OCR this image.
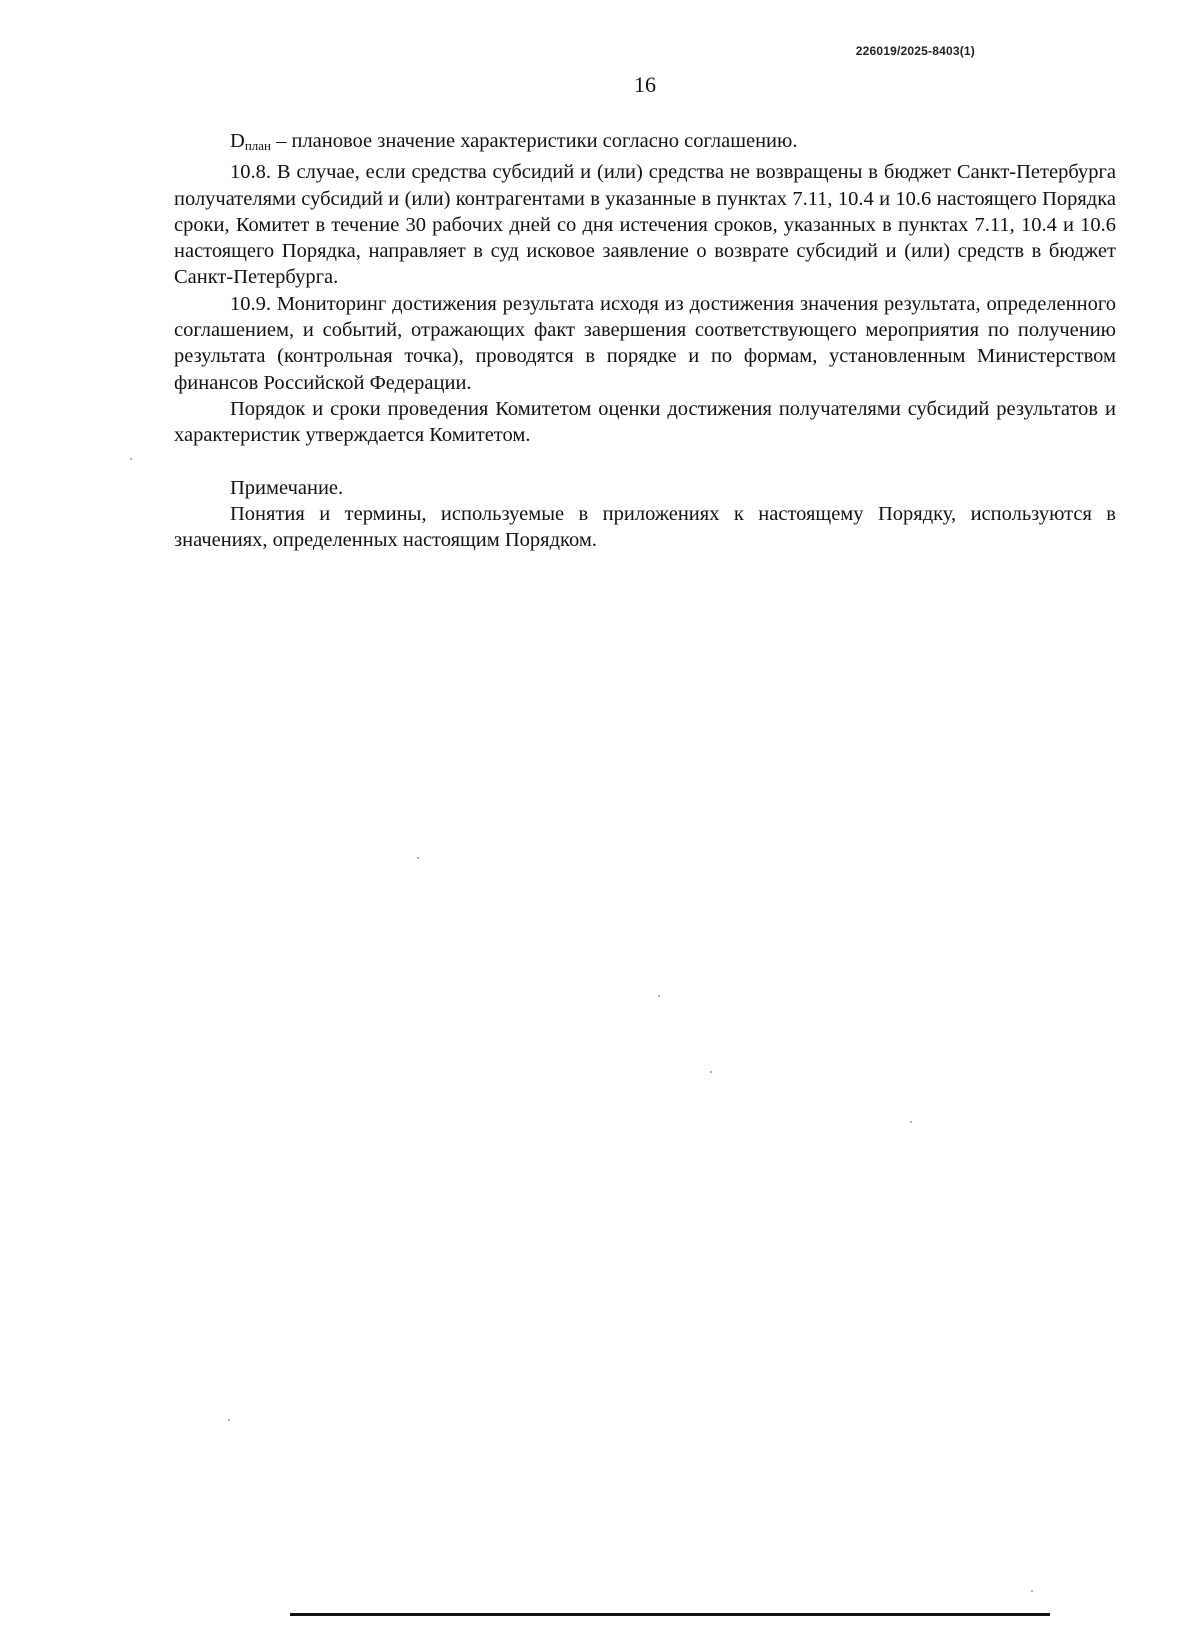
226019/2025-8403(1)
16

$D_{план}$ – плановое значение характеристики согласно соглашению.

10.8. В случае, если средства субсидий и (или) средства не возвращены в бюджет Санкт-Петербурга получателями субсидий и (или) контрагентами в указанные в пунктах 7.11, 10.4 и 10.6 настоящего Порядка сроки, Комитет в течение 30 рабочих дней со дня истечения сроков, указанных в пунктах 7.11, 10.4 и 10.6 настоящего Порядка, направляет в суд исковое заявление о возврате субсидий и (или) средств в бюджет Санкт-Петербурга.

10.9. Мониторинг достижения результата исходя из достижения значения результата, определенного соглашением, и событий, отражающих факт завершения соответствующего мероприятия по получению результата (контрольная точка), проводятся в порядке и по формам, установленным Министерством финансов Российской Федерации.

Порядок и сроки проведения Комитетом оценки достижения получателями субсидий результатов и характеристик утверждается Комитетом.

Примечание.

Понятия и термины, используемые в приложениях к настоящему Порядку, используются в значениях, определенных настоящим Порядком.
